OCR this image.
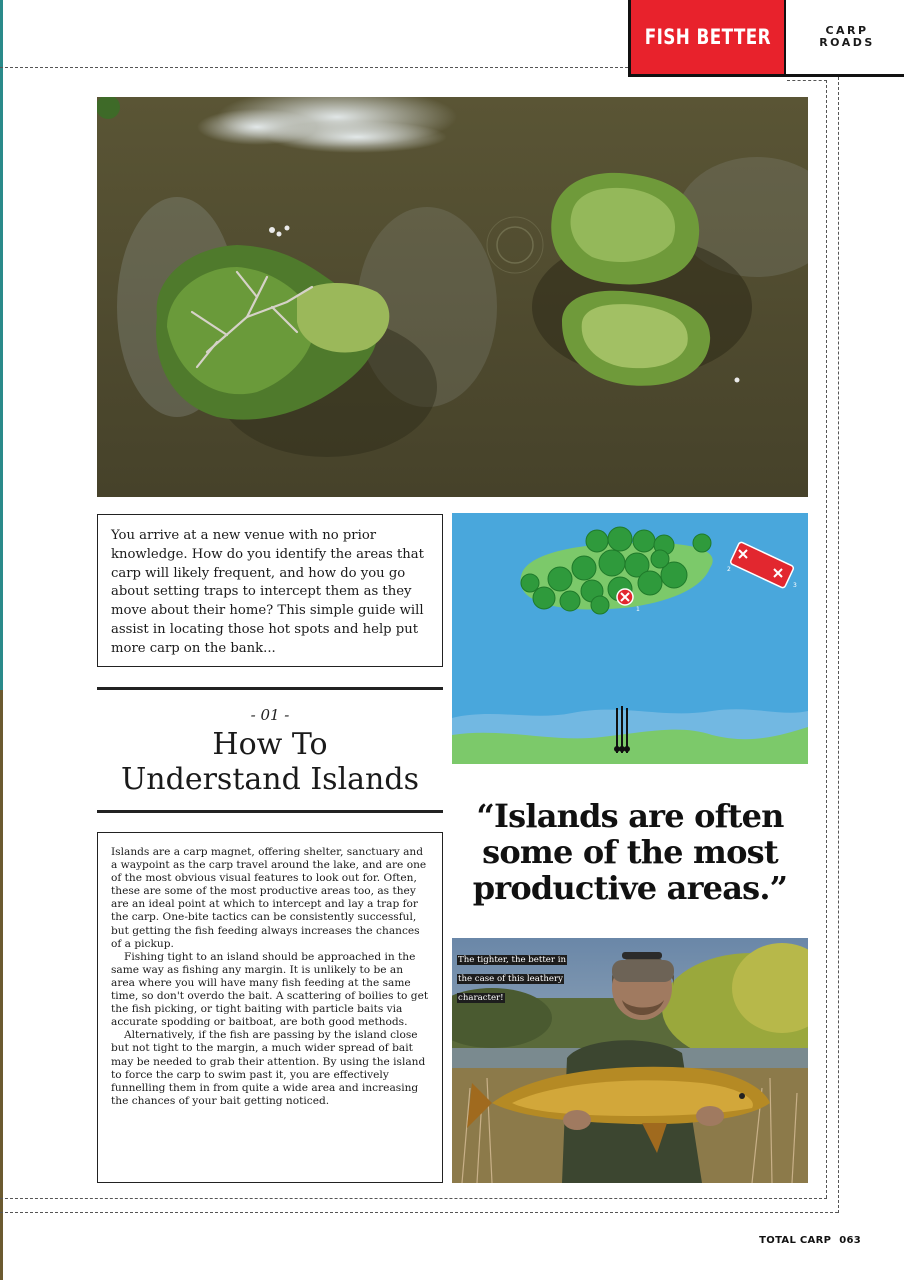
FISH BETTER	CARP
ROADS

You arrive at a new venue with no prior knowledge. How do you identify the areas that carp will likely frequent, and how do you go about setting traps to intercept them as they move about their home? This simple guide will assist in locating those hot spots and help put more carp on the bank...

1
2
3
- 01 -
How To
Understand Islands

Islands are a carp magnet, offering shelter, sanctuary and a waypoint as the carp travel around the lake, and are one of the most obvious visual features to look out for. Often, these are some of the most productive areas too, as they are an ideal point at which to intercept and lay a trap for the carp. One-bite tactics can be consistently successful, but getting the fish feeding always increases the chances of a pickup.

Fishing tight to an island should be approached in the same way as fishing any margin. It is unlikely to be an area where you will have many fish feeding at the same time, so don't overdo the bait. A scattering of boilies to get the fish picking, or tight baiting with particle baits via accurate spodding or baitboat, are both good methods.

Alternatively, if the fish are passing by the island close but not tight to the margin, a much wider spread of bait may be needed to grab their attention. By using the island to force the carp to swim past it, you are effectively funnelling them in from quite a wide area and increasing the chances of your bait getting noticed.

“Islands are often
some of the most
productive areas.”
The tighter, the better in the case of this leathery character!
TOTAL CARP 063
